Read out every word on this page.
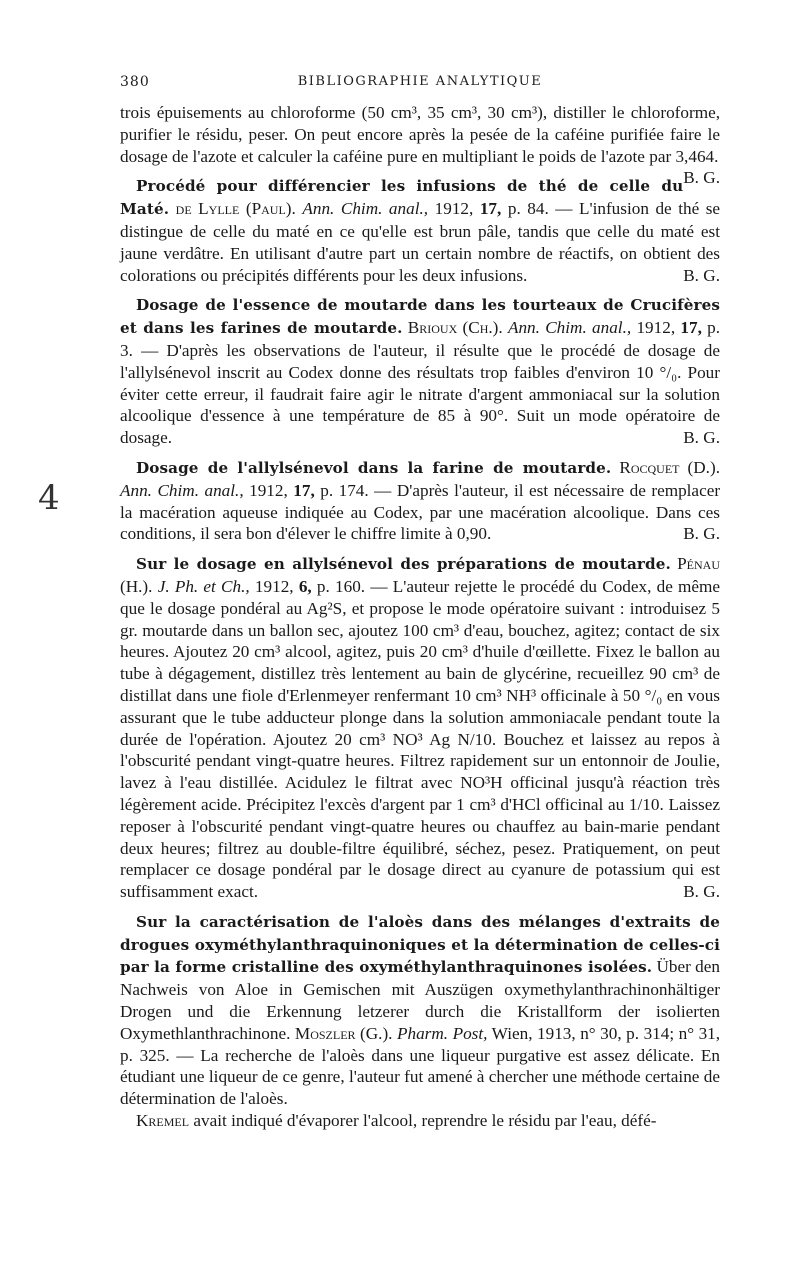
4
BIBLIOGRAPHIE ANALYTIQUE
380

trois épuisements au chloroforme (50 cm³, 35 cm³, 30 cm³), distiller le chloroforme, purifier le résidu, peser. On peut encore après la pesée de la caféine purifiée faire le dosage de l'azote et calculer la caféine pure en multipliant le poids de l'azote par 3,464.
B. G.

Procédé pour différencier les infusions de thé de celle du Maté. de Lylle (Paul). Ann. Chim. anal., 1912, 17, p. 84. — L'infusion de thé se distingue de celle du maté en ce qu'elle est brun pâle, tandis que celle du maté est jaune verdâtre. En utilisant d'autre part un certain nombre de réactifs, on obtient des colorations ou précipités différents pour les deux infusions.	B. G.

Dosage de l'essence de moutarde dans les tourteaux de Crucifères et dans les farines de moutarde. Brioux (Ch.). Ann. Chim. anal., 1912, 17, p. 3. — D'après les observations de l'auteur, il résulte que le procédé de dosage de l'allylsénevol inscrit au Codex donne des résultats trop faibles d'environ 10 °/₀. Pour éviter cette erreur, il faudrait faire agir le nitrate d'argent ammoniacal sur la solution alcoolique d'essence à une température de 85 à 90°. Suit un mode opératoire de dosage.	B. G.

Dosage de l'allylsénevol dans la farine de moutarde. Rocquet (D.). Ann. Chim. anal., 1912, 17, p. 174. — D'après l'auteur, il est nécessaire de remplacer la macération aqueuse indiquée au Codex, par une macération alcoolique. Dans ces conditions, il sera bon d'élever le chiffre limite à 0,90.	B. G.

Sur le dosage en allylsénevol des préparations de moutarde. Pénau (H.). J. Ph. et Ch., 1912, 6, p. 160. — L'auteur rejette le procédé du Codex, de même que le dosage pondéral au Ag²S, et propose le mode opératoire suivant : introduisez 5 gr. moutarde dans un ballon sec, ajoutez 100 cm³ d'eau, bouchez, agitez; contact de six heures. Ajoutez 20 cm³ alcool, agitez, puis 20 cm³ d'huile d'œillette. Fixez le ballon au tube à dégagement, distillez très lentement au bain de glycérine, recueillez 90 cm³ de distillat dans une fiole d'Erlenmeyer renfermant 10 cm³ NH³ officinale à 50 °/₀ en vous assurant que le tube adducteur plonge dans la solution ammoniacale pendant toute la durée de l'opération. Ajoutez 20 cm³ NO³ Ag N/10. Bouchez et laissez au repos à l'obscurité pendant vingt-quatre heures. Filtrez rapidement sur un entonnoir de Joulie, lavez à l'eau distillée. Acidulez le filtrat avec NO³H officinal jusqu'à réaction très légèrement acide. Précipitez l'excès d'argent par 1 cm³ d'HCl officinal au 1/10. Laissez reposer à l'obscurité pendant vingt-quatre heures ou chauffez au bain-marie pendant deux heures; filtrez au double-filtre équilibré, séchez, pesez. Pratiquement, on peut remplacer ce dosage pondéral par le dosage direct au cyanure de potassium qui est suffisamment exact.	B. G.

Sur la caractérisation de l'aloès dans des mélanges d'extraits de drogues oxyméthylanthraquinoniques et la détermination de celles-ci par la forme cristalline des oxyméthylanthraquinones isolées. Über den Nachweis von Aloe in Gemischen mit Auszügen oxymethylanthrachinonhältiger Drogen und die Erkennung letzerer durch die Kristallform der isolierten Oxymethlanthrachinone. Moszler (G.). Pharm. Post, Wien, 1913, n° 30, p. 314; n° 31, p. 325. — La recherche de l'aloès dans une liqueur purgative est assez délicate. En étudiant une liqueur de ce genre, l'auteur fut amené à chercher une méthode certaine de détermination de l'aloès.

Kremel avait indiqué d'évaporer l'alcool, reprendre le résidu par l'eau, défé-
